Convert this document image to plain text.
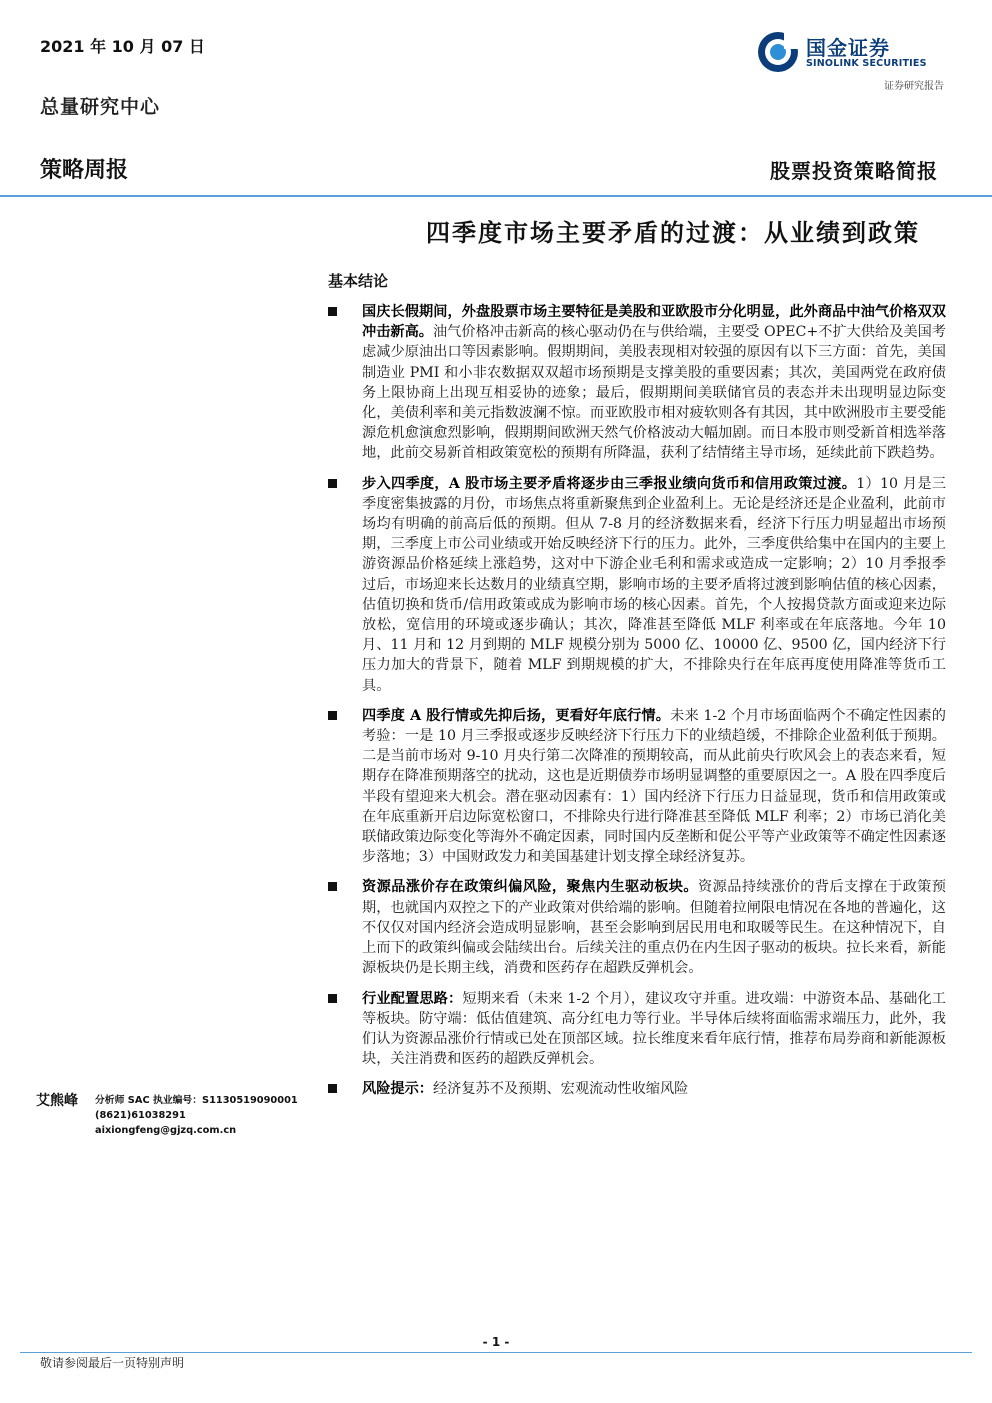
2021 年 10 月 07 日
总量研究中心
国金证券
SINOLINK SECURITIES
证券研究报告
策略周报	股票投资策略简报
四季度市场主要矛盾的过渡：从业绩到政策
基本结论
国庆长假期间，外盘股票市场主要特征是美股和亚欧股市分化明显，此外商品中油气价格双双冲击新高。油气价格冲击新高的核心驱动仍在与供给端，主要受 OPEC+不扩大供给及美国考虑减少原油出口等因素影响。假期期间，美股表现相对较强的原因有以下三方面：首先，美国制造业 PMI 和小非农数据双双超市场预期是支撑美股的重要因素；其次，美国两党在政府债务上限协商上出现互相妥协的迹象；最后，假期期间美联储官员的表态并未出现明显边际变化，美债利率和美元指数波澜不惊。而亚欧股市相对疲软则各有其因，其中欧洲股市主要受能源危机愈演愈烈影响，假期期间欧洲天然气价格波动大幅加剧。而日本股市则受新首相选举落地，此前交易新首相政策宽松的预期有所降温，获利了结情绪主导市场，延续此前下跌趋势。
步入四季度，A 股市场主要矛盾将逐步由三季报业绩向货币和信用政策过渡。1）10 月是三季度密集披露的月份，市场焦点将重新聚焦到企业盈利上。无论是经济还是企业盈利，此前市场均有明确的前高后低的预期。但从 7-8 月的经济数据来看，经济下行压力明显超出市场预期，三季度上市公司业绩或开始反映经济下行的压力。此外，三季度供给集中在国内的主要上游资源品价格延续上涨趋势，这对中下游企业毛利和需求或造成一定影响；2）10 月季报季过后，市场迎来长达数月的业绩真空期，影响市场的主要矛盾将过渡到影响估值的核心因素，估值切换和货币/信用政策或成为影响市场的核心因素。首先，个人按揭贷款方面或迎来边际放松，宽信用的环境或逐步确认；其次，降准甚至降低 MLF 利率或在年底落地。今年 10 月、11 月和 12 月到期的 MLF 规模分别为 5000 亿、10000 亿、9500 亿，国内经济下行压力加大的背景下，随着 MLF 到期规模的扩大，不排除央行在年底再度使用降准等货币工具。
四季度 A 股行情或先抑后扬，更看好年底行情。未来 1-2 个月市场面临两个不确定性因素的考验：一是 10 月三季报或逐步反映经济下行压力下的业绩趋缓，不排除企业盈利低于预期。二是当前市场对 9-10 月央行第二次降准的预期较高，而从此前央行吹风会上的表态来看，短期存在降准预期落空的扰动，这也是近期债券市场明显调整的重要原因之一。A 股在四季度后半段有望迎来大机会。潜在驱动因素有：1）国内经济下行压力日益显现，货币和信用政策或在年底重新开启边际宽松窗口，不排除央行进行降准甚至降低 MLF 利率；2）市场已消化美联储政策边际变化等海外不确定因素，同时国内反垄断和促公平等产业政策等不确定性因素逐步落地；3）中国财政发力和美国基建计划支撑全球经济复苏。
资源品涨价存在政策纠偏风险，聚焦内生驱动板块。资源品持续涨价的背后支撑在于政策预期，也就国内双控之下的产业政策对供给端的影响。但随着拉闸限电情况在各地的普遍化，这不仅仅对国内经济会造成明显影响，甚至会影响到居民用电和取暖等民生。在这种情况下，自上而下的政策纠偏或会陆续出台。后续关注的重点仍在内生因子驱动的板块。拉长来看，新能源板块仍是长期主线，消费和医药存在超跌反弹机会。
行业配置思路：短期来看（未来 1-2 个月），建议攻守并重。进攻端：中游资本品、基础化工等板块。防守端：低估值建筑、高分红电力等行业。半导体后续将面临需求端压力，此外，我们认为资源品涨价行情或已处在顶部区域。拉长维度来看年底行情，推荐布局券商和新能源板块，关注消费和医药的超跌反弹机会。
风险提示：经济复苏不及预期、宏观流动性收缩风险
艾熊峰 分析师 SAC 执业编号：S1130519090001
(8621)61038291
aixiongfeng@gjzq.com.cn
- 1 -
敬请参阅最后一页特别声明
